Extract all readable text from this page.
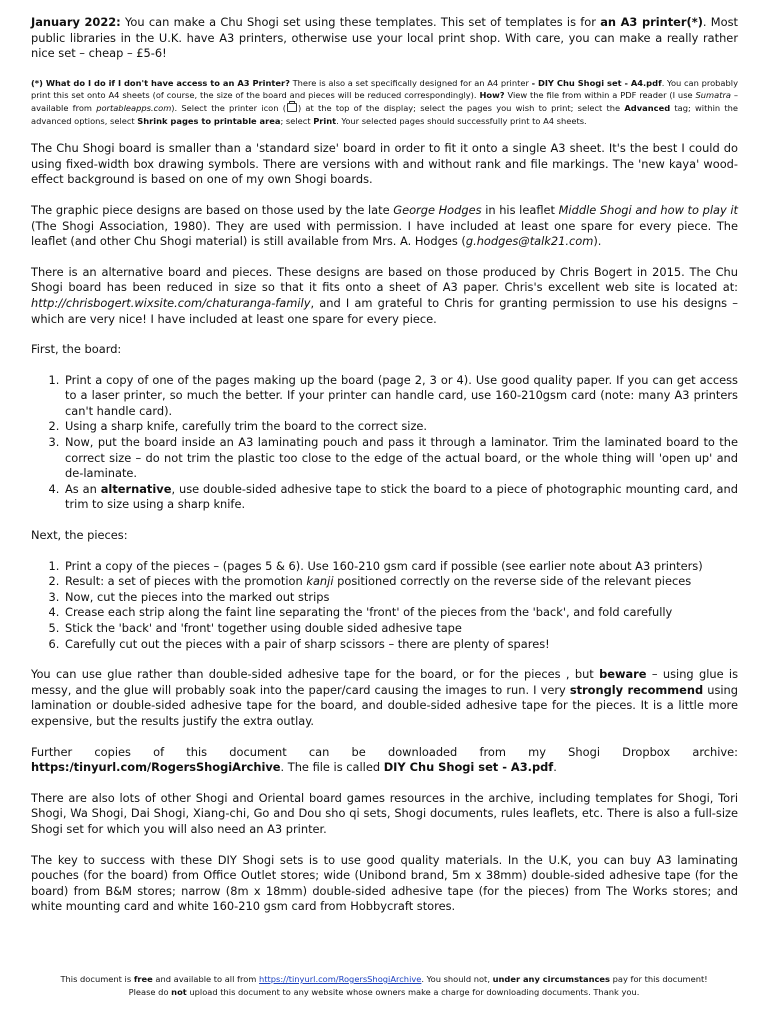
January 2022: You can make a Chu Shogi set using these templates. This set of templates is for an A3 printer(*). Most public libraries in the U.K. have A3 printers, otherwise use your local print shop. With care, you can make a really rather nice set – cheap – £5-6!

(*) What do I do if I don't have access to an A3 Printer? There is also a set specifically designed for an A4 printer - DIY Chu Shogi set - A4.pdf. You can probably print this set onto A4 sheets (of course, the size of the board and pieces will be reduced correspondingly). How? View the file from within a PDF reader (I use Sumatra – available from portableapps.com). Select the printer icon ( ) at the top of the display; select the pages you wish to print; select the Advanced tag; within the advanced options, select Shrink pages to printable area; select Print. Your selected pages should successfully print to A4 sheets.

The Chu Shogi board is smaller than a 'standard size' board in order to fit it onto a single A3 sheet. It's the best I could do using fixed-width box drawing symbols. There are versions with and without rank and file markings. The 'new kaya' wood-effect background is based on one of my own Shogi boards.

The graphic piece designs are based on those used by the late George Hodges in his leaflet Middle Shogi and how to play it (The Shogi Association, 1980). They are used with permission. I have included at least one spare for every piece. The leaflet (and other Chu Shogi material) is still available from Mrs. A. Hodges (g.hodges@talk21.com).

There is an alternative board and pieces. These designs are based on those produced by Chris Bogert in 2015. The Chu Shogi board has been reduced in size so that it fits onto a sheet of A3 paper. Chris's excellent web site is located at: http://chrisbogert.wixsite.com/chaturanga-family, and I am grateful to Chris for granting permission to use his designs – which are very nice! I have included at least one spare for every piece.

First, the board:

1. Print a copy of one of the pages making up the board (page 2, 3 or 4). Use good quality paper. If you can get access to a laser printer, so much the better. If your printer can handle card, use 160-210gsm card (note: many A3 printers can't handle card).
2. Using a sharp knife, carefully trim the board to the correct size.
3. Now, put the board inside an A3 laminating pouch and pass it through a laminator. Trim the laminated board to the correct size – do not trim the plastic too close to the edge of the actual board, or the whole thing will 'open up' and de-laminate.
4. As an alternative, use double-sided adhesive tape to stick the board to a piece of photographic mounting card, and trim to size using a sharp knife.

Next, the pieces:

1. Print a copy of the pieces – (pages 5 & 6). Use 160-210 gsm card if possible (see earlier note about A3 printers)
2. Result: a set of pieces with the promotion kanji positioned correctly on the reverse side of the relevant pieces
3. Now, cut the pieces into the marked out strips
4. Crease each strip along the faint line separating the 'front' of the pieces from the 'back', and fold carefully
5. Stick the 'back' and 'front' together using double sided adhesive tape
6. Carefully cut out the pieces with a pair of sharp scissors – there are plenty of spares!

You can use glue rather than double-sided adhesive tape for the board, or for the pieces , but beware – using glue is messy, and the glue will probably soak into the paper/card causing the images to run. I very strongly recommend using lamination or double-sided adhesive tape for the board, and double-sided adhesive tape for the pieces. It is a little more expensive, but the results justify the extra outlay.

Further copies of this document can be downloaded from my Shogi Dropbox archive: https:/tinyurl.com/RogersShogiArchive. The file is called DIY Chu Shogi set - A3.pdf.

There are also lots of other Shogi and Oriental board games resources in the archive, including templates for Shogi, Tori Shogi, Wa Shogi, Dai Shogi, Xiang-chi, Go and Dou sho qi sets, Shogi documents, rules leaflets, etc. There is also a full-size Shogi set for which you will also need an A3 printer.

The key to success with these DIY Shogi sets is to use good quality materials. In the U.K, you can buy A3 laminating pouches (for the board) from Office Outlet stores; wide (Unibond brand, 5m x 38mm) double-sided adhesive tape (for the board) from B&M stores; narrow (8m x 18mm) double-sided adhesive tape (for the pieces) from The Works stores; and white mounting card and white 160-210 gsm card from Hobbycraft stores.

This document is free and available to all from https://tinyurl.com/RogersShogiArchive. You should not, under any circumstances pay for this document!
Please do not upload this document to any website whose owners make a charge for downloading documents. Thank you.
